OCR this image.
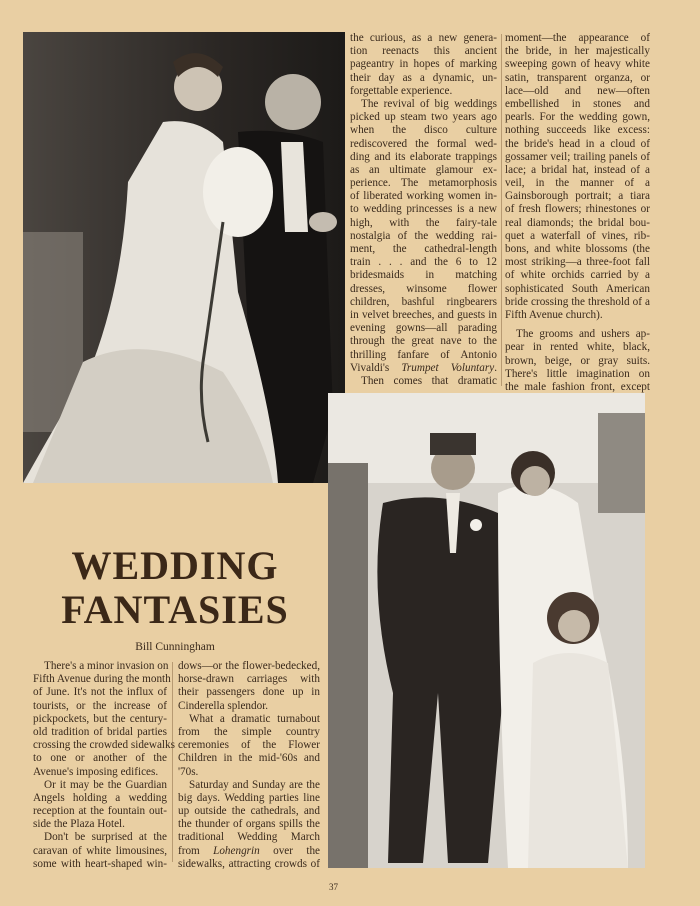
the curious, as a new genera-
tion reenacts this ancient
pageantry in hopes of marking
their day as a dynamic, un-
forgettable experience.
The revival of big weddings
picked up steam two years ago
when the disco culture
rediscovered the formal wed-
ding and its elaborate trappings
as an ultimate glamour ex-
perience. The metamorphosis
of liberated working women in-
to wedding princesses is a new
high, with the fairy-tale
nostalgia of the wedding rai-
ment, the cathedral-length
train . . . and the 6 to 12
bridesmaids in matching
dresses, winsome flower
children, bashful ringbearers
in velvet breeches, and guests in
evening gowns—all parading
through the great nave to the
thrilling fanfare of Antonio
Vivaldi's Trumpet Voluntary.
Then comes that dramatic
moment—the appearance of
the bride, in her majestically
sweeping gown of heavy white
satin, transparent organza, or
lace—old and new—often
embellished in stones and
pearls. For the wedding gown,
nothing succeeds like excess:
the bride's head in a cloud of
gossamer veil; trailing panels of
lace; a bridal hat, instead of a
veil, in the manner of a
Gainsborough portrait; a tiara
of fresh flowers; rhinestones or
real diamonds; the bridal bou-
quet a waterfall of vines, rib-
bons, and white blossoms (the
most striking—a three-foot fall
of white orchids carried by a
sophisticated South American
bride crossing the threshold of a
Fifth Avenue church).
The grooms and ushers ap-
pear in rented white, black,
brown, beige, or gray suits.
There's little imagination on
the male fashion front, except
WEDDING
FANTASIES
Bill Cunningham
There's a minor invasion on
Fifth Avenue during the month
of June. It's not the influx of
tourists, or the increase of
pickpockets, but the century-
old tradition of bridal parties
crossing the crowded sidewalks
to one or another of the
Avenue's imposing edifices.
Or it may be the Guardian
Angels holding a wedding
reception at the fountain out-
side the Plaza Hotel.
Don't be surprised at the
caravan of white limousines,
some with heart-shaped win-
dows—or the flower-bedecked,
horse-drawn carriages with
their passengers done up in
Cinderella splendor.
What a dramatic turnabout
from the simple country
ceremonies of the Flower
Children in the mid-'60s and
'70s.
Saturday and Sunday are the
big days. Wedding parties line
up outside the cathedrals, and
the thunder of organs spills the
traditional Wedding March
from Lohengrin over the
sidewalks, attracting crowds of
37
